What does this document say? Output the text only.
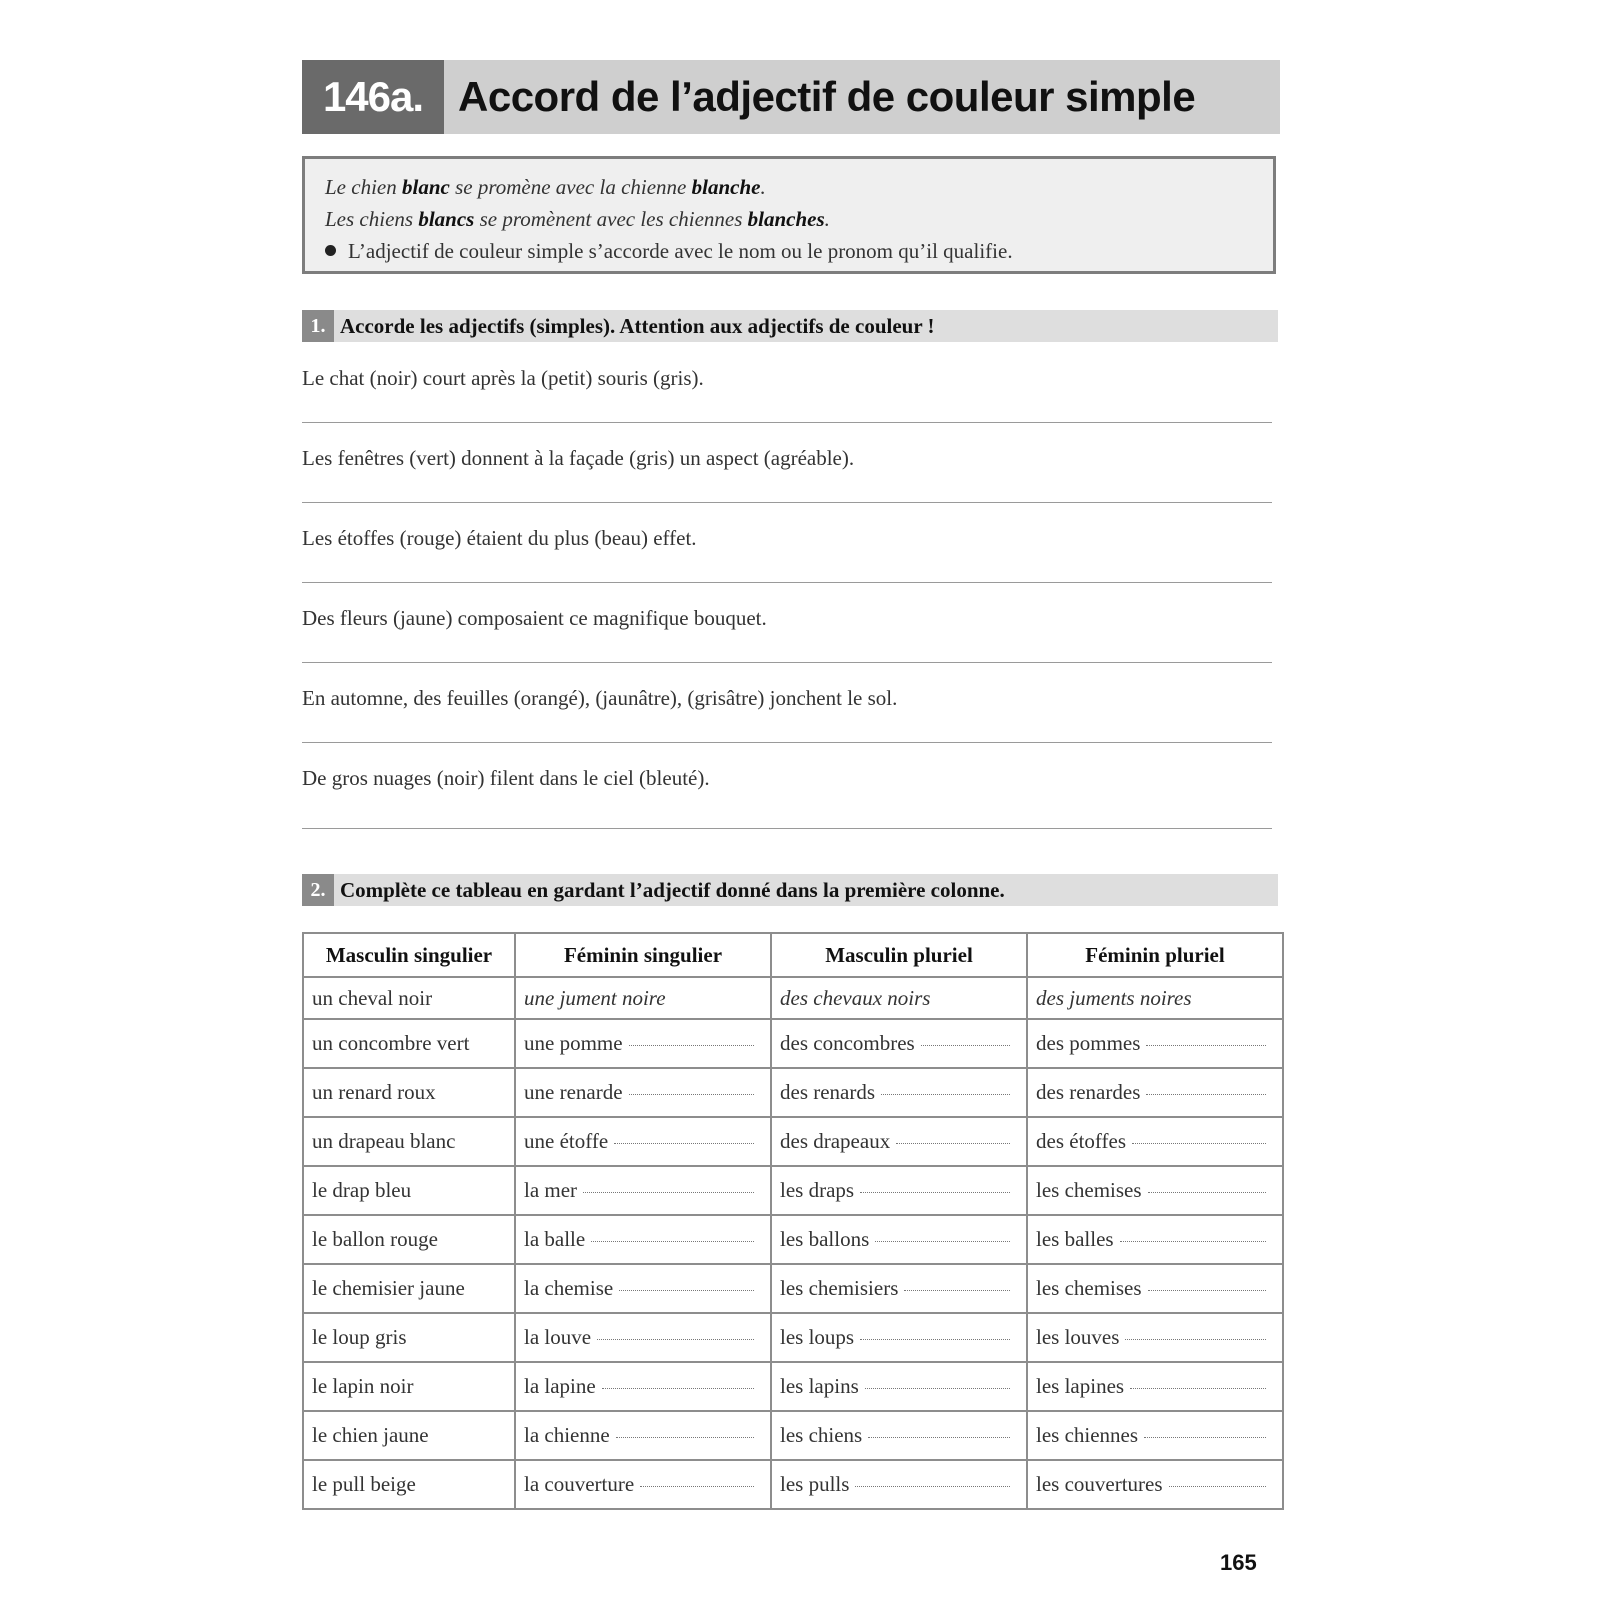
146a. Accord de l’adjectif de couleur simple
Le chien blanc se promène avec la chienne blanche.
Les chiens blancs se promènent avec les chiennes blanches.
L’adjectif de couleur simple s’accorde avec le nom ou le pronom qu’il qualifie.
1. Accorde les adjectifs (simples). Attention aux adjectifs de couleur !
Le chat (noir) court après la (petit) souris (gris).
Les fenêtres (vert) donnent à la façade (gris) un aspect (agréable).
Les étoffes (rouge) étaient du plus (beau) effet.
Des fleurs (jaune) composaient ce magnifique bouquet.
En automne, des feuilles (orangé), (jaunâtre), (grisâtre) jonchent le sol.
De gros nuages (noir) filent dans le ciel (bleuté).
2. Complète ce tableau en gardant l’adjectif donné dans la première colonne.
Masculin singulier	Féminin singulier	Masculin pluriel	Féminin pluriel
un cheval noir	une jument noire	des chevaux noirs	des juments noires
un concombre vert	une pomme	des concombres	des pommes
un renard roux	une renarde	des renards	des renardes
un drapeau blanc	une étoffe	des drapeaux	des étoffes
le drap bleu	la mer	les draps	les chemises
le ballon rouge	la balle	les ballons	les balles
le chemisier jaune	la chemise	les chemisiers	les chemises
le loup gris	la louve	les loups	les louves
le lapin noir	la lapine	les lapins	les lapines
le chien jaune	la chienne	les chiens	les chiennes
le pull beige	la couverture	les pulls	les couvertures
165
